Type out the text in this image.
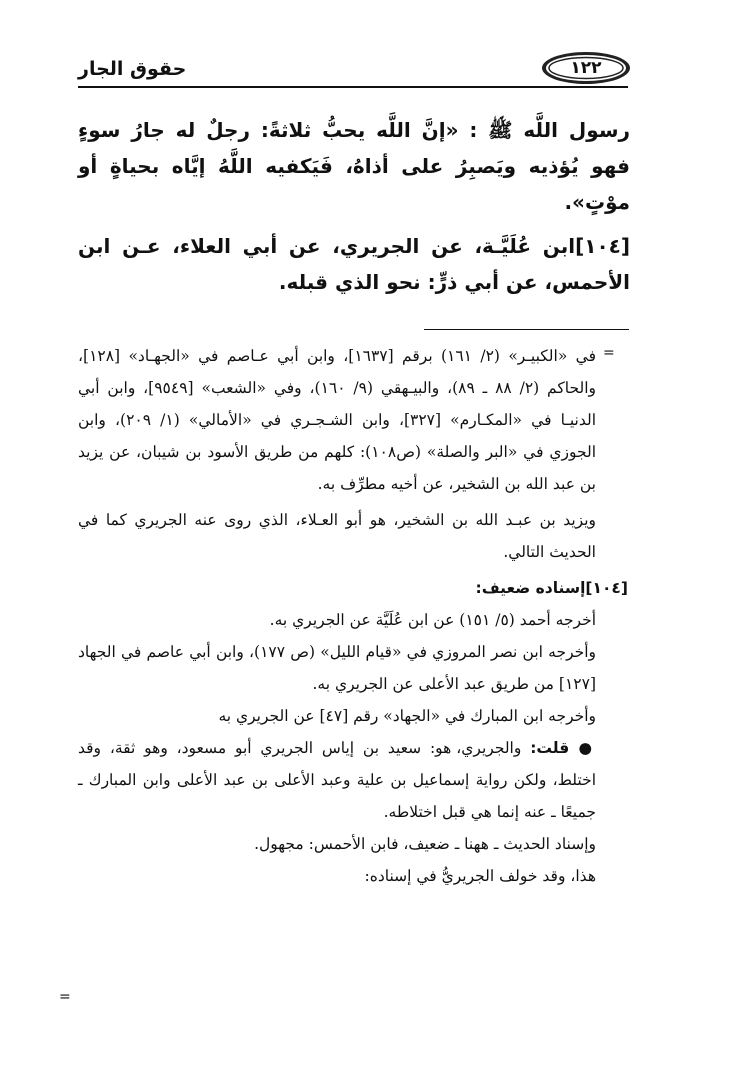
حقوق الجار	١٢٢

رسول اللَّه ﷺ : «إنَّ اللَّه يحبُّ ثلاثةً: رجلٌ له جارُ سوءٍ فهو يُؤذيه ويَصبِرُ على أذاهُ، فَيَكفيه اللَّهُ إيَّاه بحياةٍ أو موْتٍ».

[١٠٤]ابن عُلَيَّـة، عن الجريري، عن أبي العلاء، عـن ابن الأحمس، عن أبي ذرٍّ: نحو الذي قبله.

=

في «الكبيـر» (٢/ ١٦١) برقم [١٦٣٧]، وابن أبي عـاصم في «الجهـاد» [١٢٨]، والحاكم (٢/ ٨٨ ـ ٨٩)، والبيـهقي (٩/ ١٦٠)، وفي «الشعب» [٩٥٤٩]، وابن أبي الدنيـا في «المكـارم» [٣٢٧]، وابن الشـجـري في «الأمالي» (١/ ٢٠٩)، وابن الجوزي في «البر والصلة» (ص١٠٨): كلهم من طريق الأسود بن شيبان، عن يزيد بن عبد الله بن الشخير، عن أخيه مطرِّف به.

ويزيد بن عبـد الله بن الشخير، هو أبو العـلاء، الذي روى عنه الجريري كما في الحديث التالي.

[١٠٤]إسناده ضعيف:

أخرجه أحمد (٥/ ١٥١) عن ابن عُلَيَّة عن الجريري به.

وأخرجه ابن نصر المروزي في «قيام الليل» (ص ١٧٧)، وابن أبي عاصم في الجهاد [١٢٧] من طريق عبد الأعلى عن الجريري به.

وأخرجه ابن المبارك في «الجهاد» رقم [٤٧] عن الجريري به

● قلت: والجريري، هو: سعيد بن إياس الجريري أبو مسعود، وهو ثقة، وقد اختلط، ولكن رواية إسماعيل بن علية وعبد الأعلى بن عبد الأعلى وابن المبارك ـ جميعًا ـ عنه إنما هي قبل اختلاطه.

وإسناد الحديث ـ ههنا ـ ضعيف، فابن الأحمس: مجهول.

هذا، وقد خولف الجريريُّ في إسناده:

=
